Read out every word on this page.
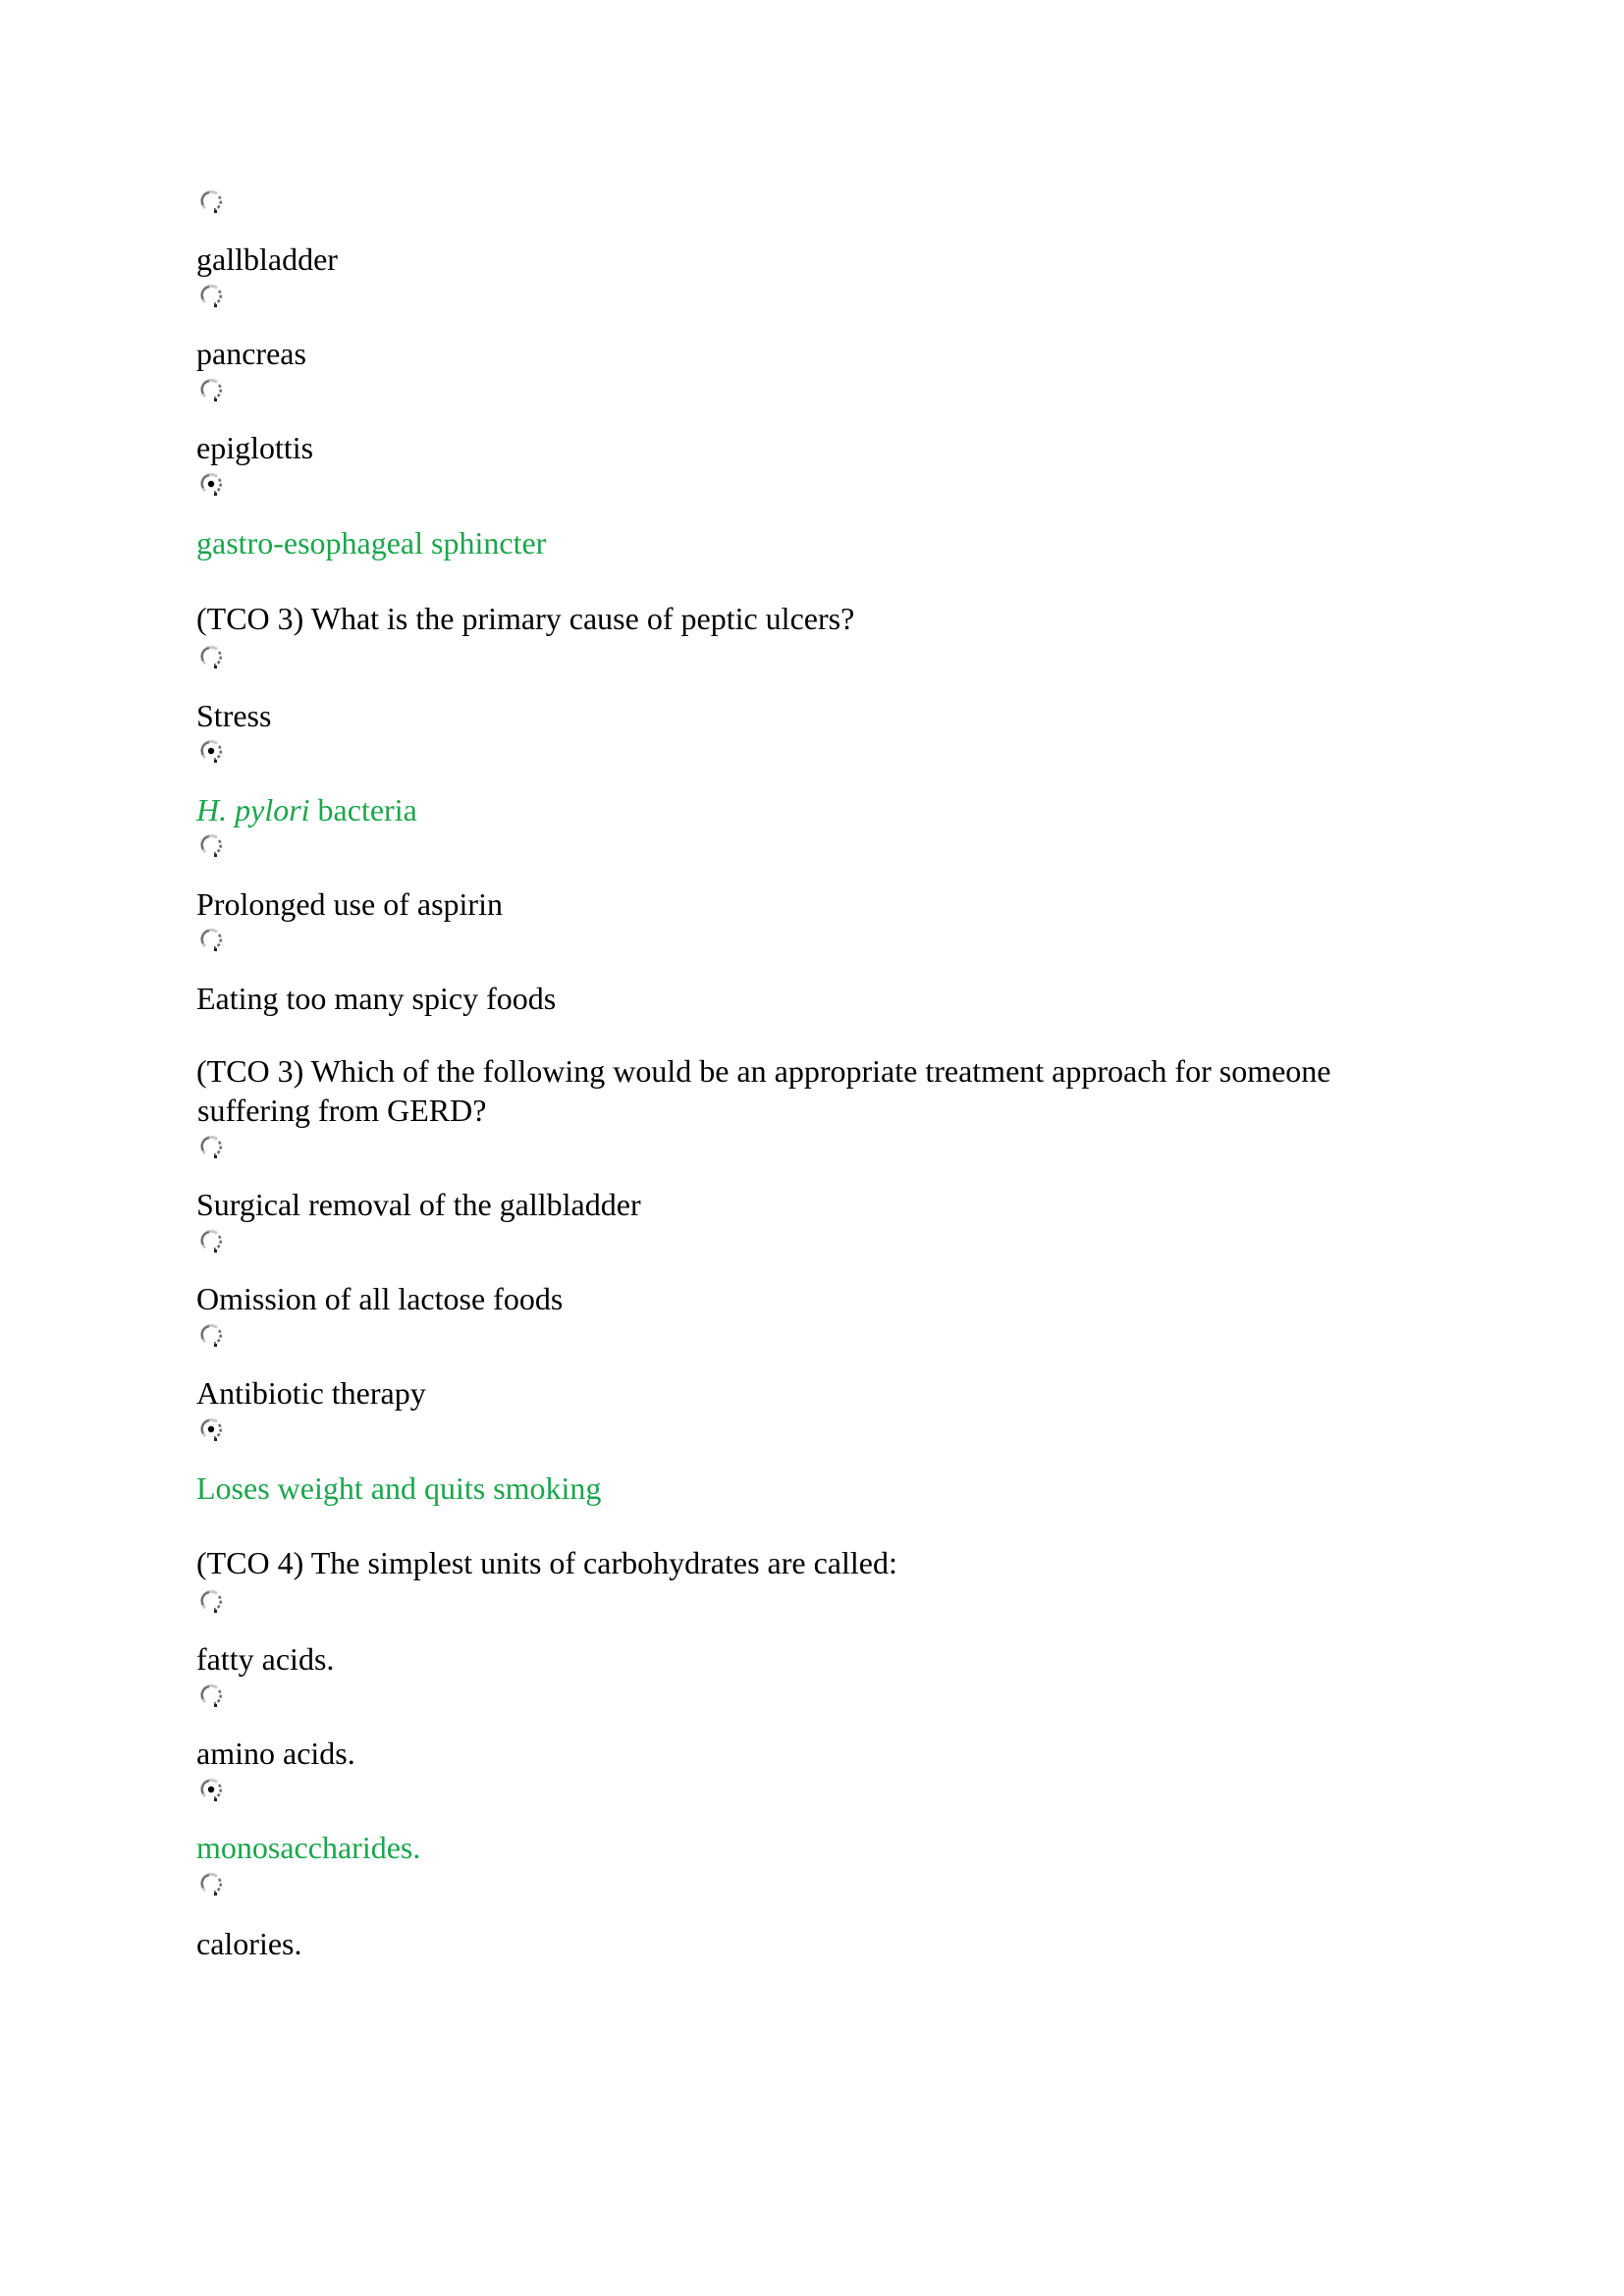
gallbladder
pancreas
epiglottis
gastro-esophageal sphincter
(TCO 3) What is the primary cause of peptic ulcers?
Stress
H. pylori bacteria
Prolonged use of aspirin
Eating too many spicy foods
(TCO 3) Which of the following would be an appropriate treatment approach for someone
suffering from GERD?
Surgical removal of the gallbladder
Omission of all lactose foods
Antibiotic therapy
Loses weight and quits smoking
(TCO 4) The simplest units of carbohydrates are called:
fatty acids.
amino acids.
monosaccharides.
calories.
